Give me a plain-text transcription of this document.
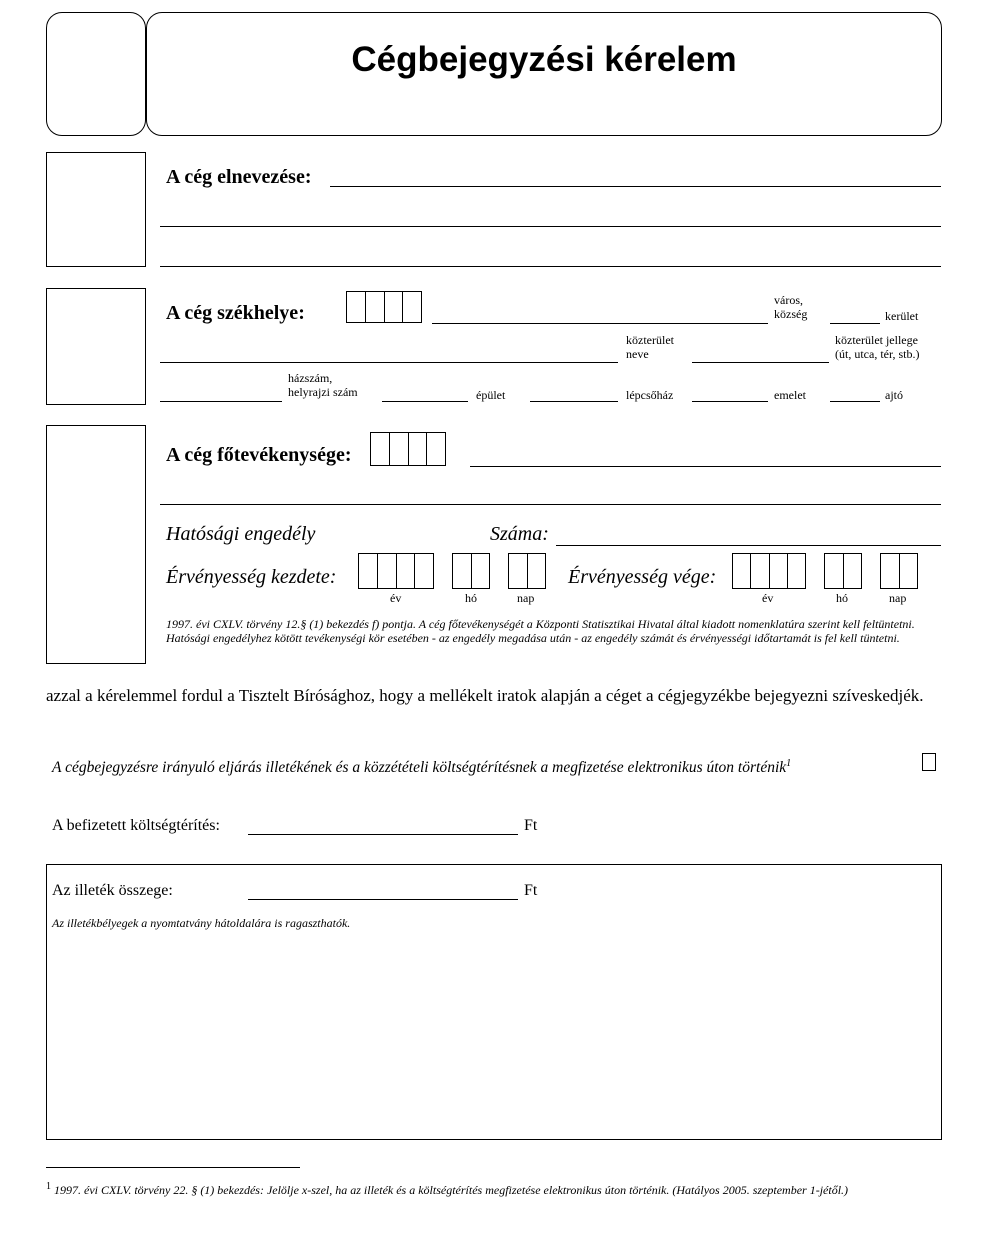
Cégbejegyzési kérelem
A cég elnevezése:
A cég székhelye:
város,
község	kerület
közterület
neve
közterület jellege
(út, utca, tér, stb.)
házszám,
helyrajzi szám	épület	lépcsőház	emelet	ajtó
A cég főtevékenysége:
Hatósági engedély	Száma:
Érvényesség kezdete:
év	hó	nap
Érvényesség vége:
év	hó	nap
1997. évi CXLV. törvény 12.§ (1) bekezdés f) pontja. A cég főtevékenységét a Központi Statisztikai Hivatal által kiadott nomenklatúra szerint kell feltüntetni. Hatósági engedélyhez kötött tevékenységi kör esetében - az engedély megadása után - az engedély számát és érvényességi időtartamát is fel kell tüntetni.
azzal a kérelemmel fordul a Tisztelt Bírósághoz, hogy a mellékelt iratok alapján a céget a cégjegyzékbe bejegyezni szíveskedjék.
A cégbejegyzésre irányuló eljárás illetékének és a közzétételi költségtérítésnek a megfizetése elektronikus úton történik$^1$
A befizetett költségtérítés:	Ft
Az illeték összege:	Ft
Az illetékbélyegek a nyomtatvány hátoldalára is ragaszthatók.
$^1$ 1997. évi CXLV. törvény 22. § (1) bekezdés: Jelölje x-szel, ha az illeték és a költségtérítés megfizetése elektronikus úton történik. (Hatályos 2005. szeptember 1-jétől.)
